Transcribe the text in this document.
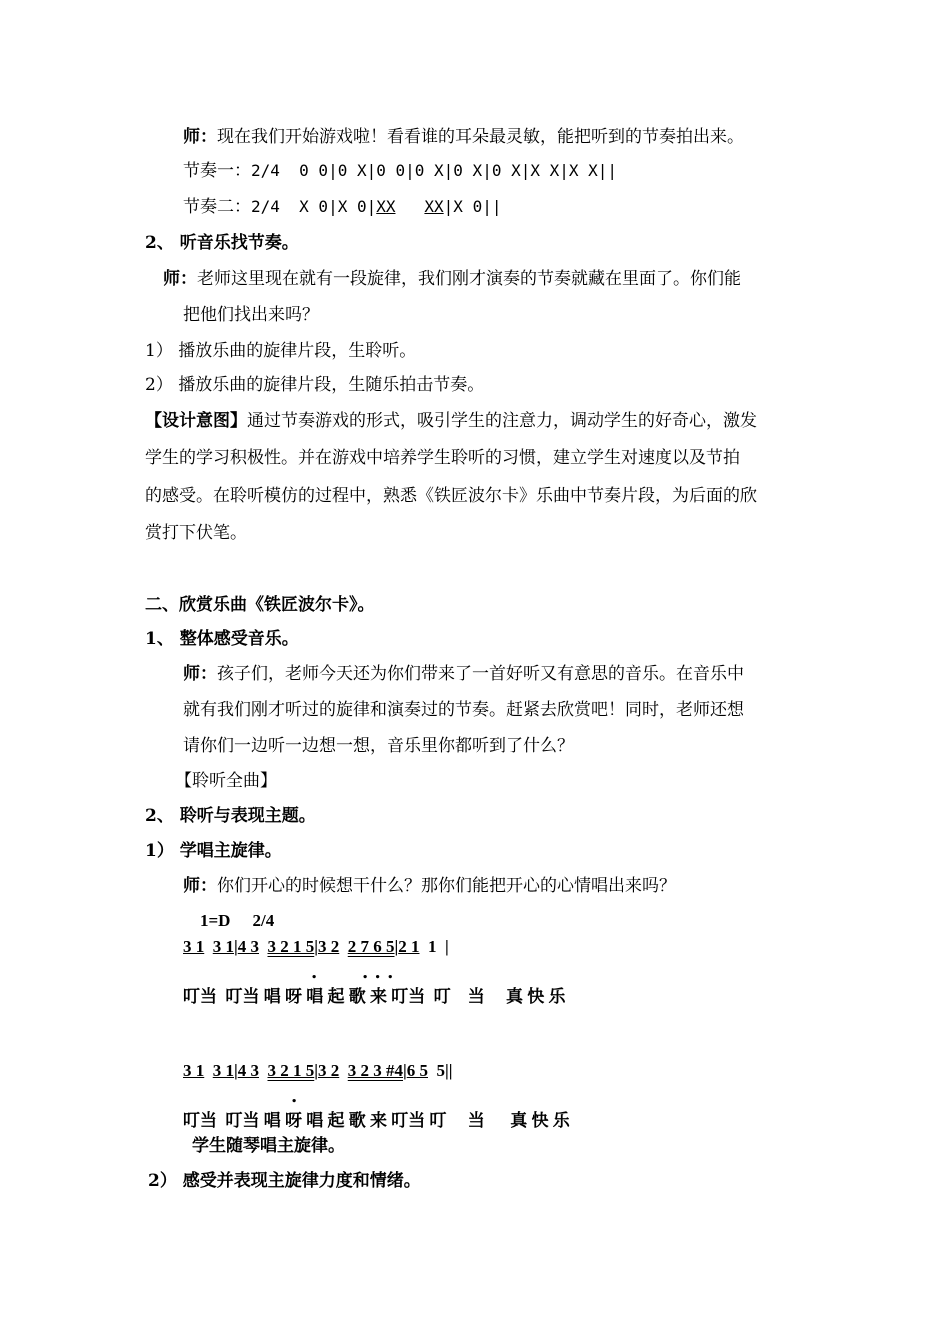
师：现在我们开始游戏啦！看看谁的耳朵最灵敏，能把听到的节奏拍出来。
节奏一：2/4  0 0|0 X|0 0|0 X|0 X|0 X|X X|X X||
节奏二：2/4  X 0|X 0|XX XX|X 0||
2、 听音乐找节奏。
师：老师这里现在就有一段旋律，我们刚才演奏的节奏就藏在里面了。你们能
把他们找出来吗？
1） 播放乐曲的旋律片段，生聆听。
2） 播放乐曲的旋律片段，生随乐拍击节奏。
【设计意图】通过节奏游戏的形式，吸引学生的注意力，调动学生的好奇心，激发
学生的学习积极性。并在游戏中培养学生聆听的习惯，建立学生对速度以及节拍
的感受。在聆听模仿的过程中，熟悉《铁匠波尔卡》乐曲中节奏片段，为后面的欣
赏打下伏笔。
二、欣赏乐曲《铁匠波尔卡》。
1、 整体感受音乐。
师：孩子们，老师今天还为你们带来了一首好听又有意思的音乐。在音乐中
就有我们刚才听过的旋律和演奏过的节奏。赶紧去欣赏吧！同时，老师还想
请你们一边听一边想一想，音乐里你都听到了什么？
【聆听全曲】
2、 聆听与表现主题。
1） 学唱主旋律。
师：你们开心的时候想干什么？那你们能把开心的心情唱出来吗？
1=D 2/4
3 1 3 1|4 3 3 2 1 5|3 2 2 7 6 5|2 1 1  |
. . . .
叮当  叮当 唱 呀 唱 起 歌 来 叮当  叮    当     真 快 乐
3 1 3 1|4 3 3 2 1 5|3 2 3 2 3 #4|6 5 5||
.
叮当  叮当 唱 呀 唱 起 歌 来 叮当 叮     当      真 快 乐
学生随琴唱主旋律。
2） 感受并表现主旋律力度和情绪。
